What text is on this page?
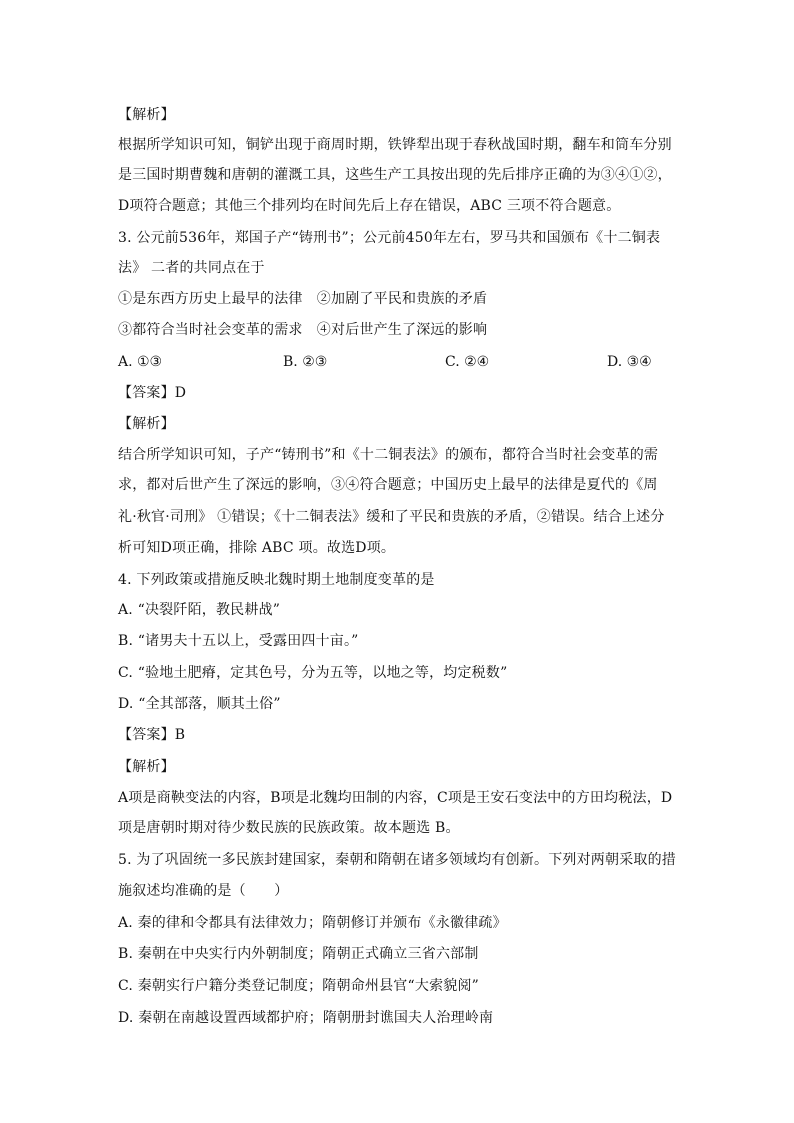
【解析】
根据所学知识可知，铜铲出现于商周时期，铁铧犁出现于春秋战国时期，翻车和筒车分别
是三国时期曹魏和唐朝的灌溉工具，这些生产工具按出现的先后排序正确的为③④①②，
D项符合题意；其他三个排列均在时间先后上存在错误，ABC 三项不符合题意。
3. 公元前536年，郑国子产“铸刑书”；公元前450年左右，罗马共和国颁布《十二铜表
法》 二者的共同点在于
①是东西方历史上最早的法律　②加剧了平民和贵族的矛盾
③都符合当时社会变革的需求　④对后世产生了深远的影响
A. ①③	B. ②③	C. ②④	D. ③④
【答案】D
【解析】
结合所学知识可知，子产“铸刑书”和《十二铜表法》的颁布，都符合当时社会变革的需
求，都对后世产生了深远的影响，③④符合题意；中国历史上最早的法律是夏代的《周
礼·秋官·司刑》 ①错误；《十二铜表法》缓和了平民和贵族的矛盾，②错误。结合上述分
析可知D项正确，排除 ABC 项。故选D项。
4. 下列政策或措施反映北魏时期土地制度变革的是
A. “决裂阡陌，教民耕战”
B. “诸男夫十五以上，受露田四十亩。”
C. “验地土肥瘠，定其色号，分为五等，以地之等，均定税数”
D. “全其部落，顺其土俗”
【答案】B
【解析】
A项是商鞅变法的内容，B项是北魏均田制的内容，C项是王安石变法中的方田均税法，D
项是唐朝时期对待少数民族的民族政策。故本题选 B。
5. 为了巩固统一多民族封建国家，秦朝和隋朝在诸多领域均有创新。下列对两朝采取的措
施叙述均准确的是（　　）
A. 秦的律和令都具有法律效力；隋朝修订并颁布《永徽律疏》
B. 秦朝在中央实行内外朝制度；隋朝正式确立三省六部制
C. 秦朝实行户籍分类登记制度；隋朝命州县官“大索貌阅”
D. 秦朝在南越设置西域都护府；隋朝册封谯国夫人治理岭南
